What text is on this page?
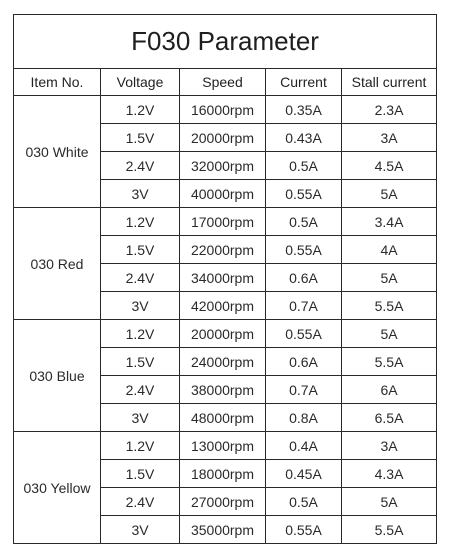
F030 Parameter				
Item No.	Voltage	Speed	Current	Stall current
030 White	1.2V	16000rpm	0.35A	2.3A
	1.5V	20000rpm	0.43A	3A
	2.4V	32000rpm	0.5A	4.5A
	3V	40000rpm	0.55A	5A
030 Red	1.2V	17000rpm	0.5A	3.4A
	1.5V	22000rpm	0.55A	4A
	2.4V	34000rpm	0.6A	5A
	3V	42000rpm	0.7A	5.5A
030 Blue	1.2V	20000rpm	0.55A	5A
	1.5V	24000rpm	0.6A	5.5A
	2.4V	38000rpm	0.7A	6A
	3V	48000rpm	0.8A	6.5A
030 Yellow	1.2V	13000rpm	0.4A	3A
	1.5V	18000rpm	0.45A	4.3A
	2.4V	27000rpm	0.5A	5A
	3V	35000rpm	0.55A	5.5A
